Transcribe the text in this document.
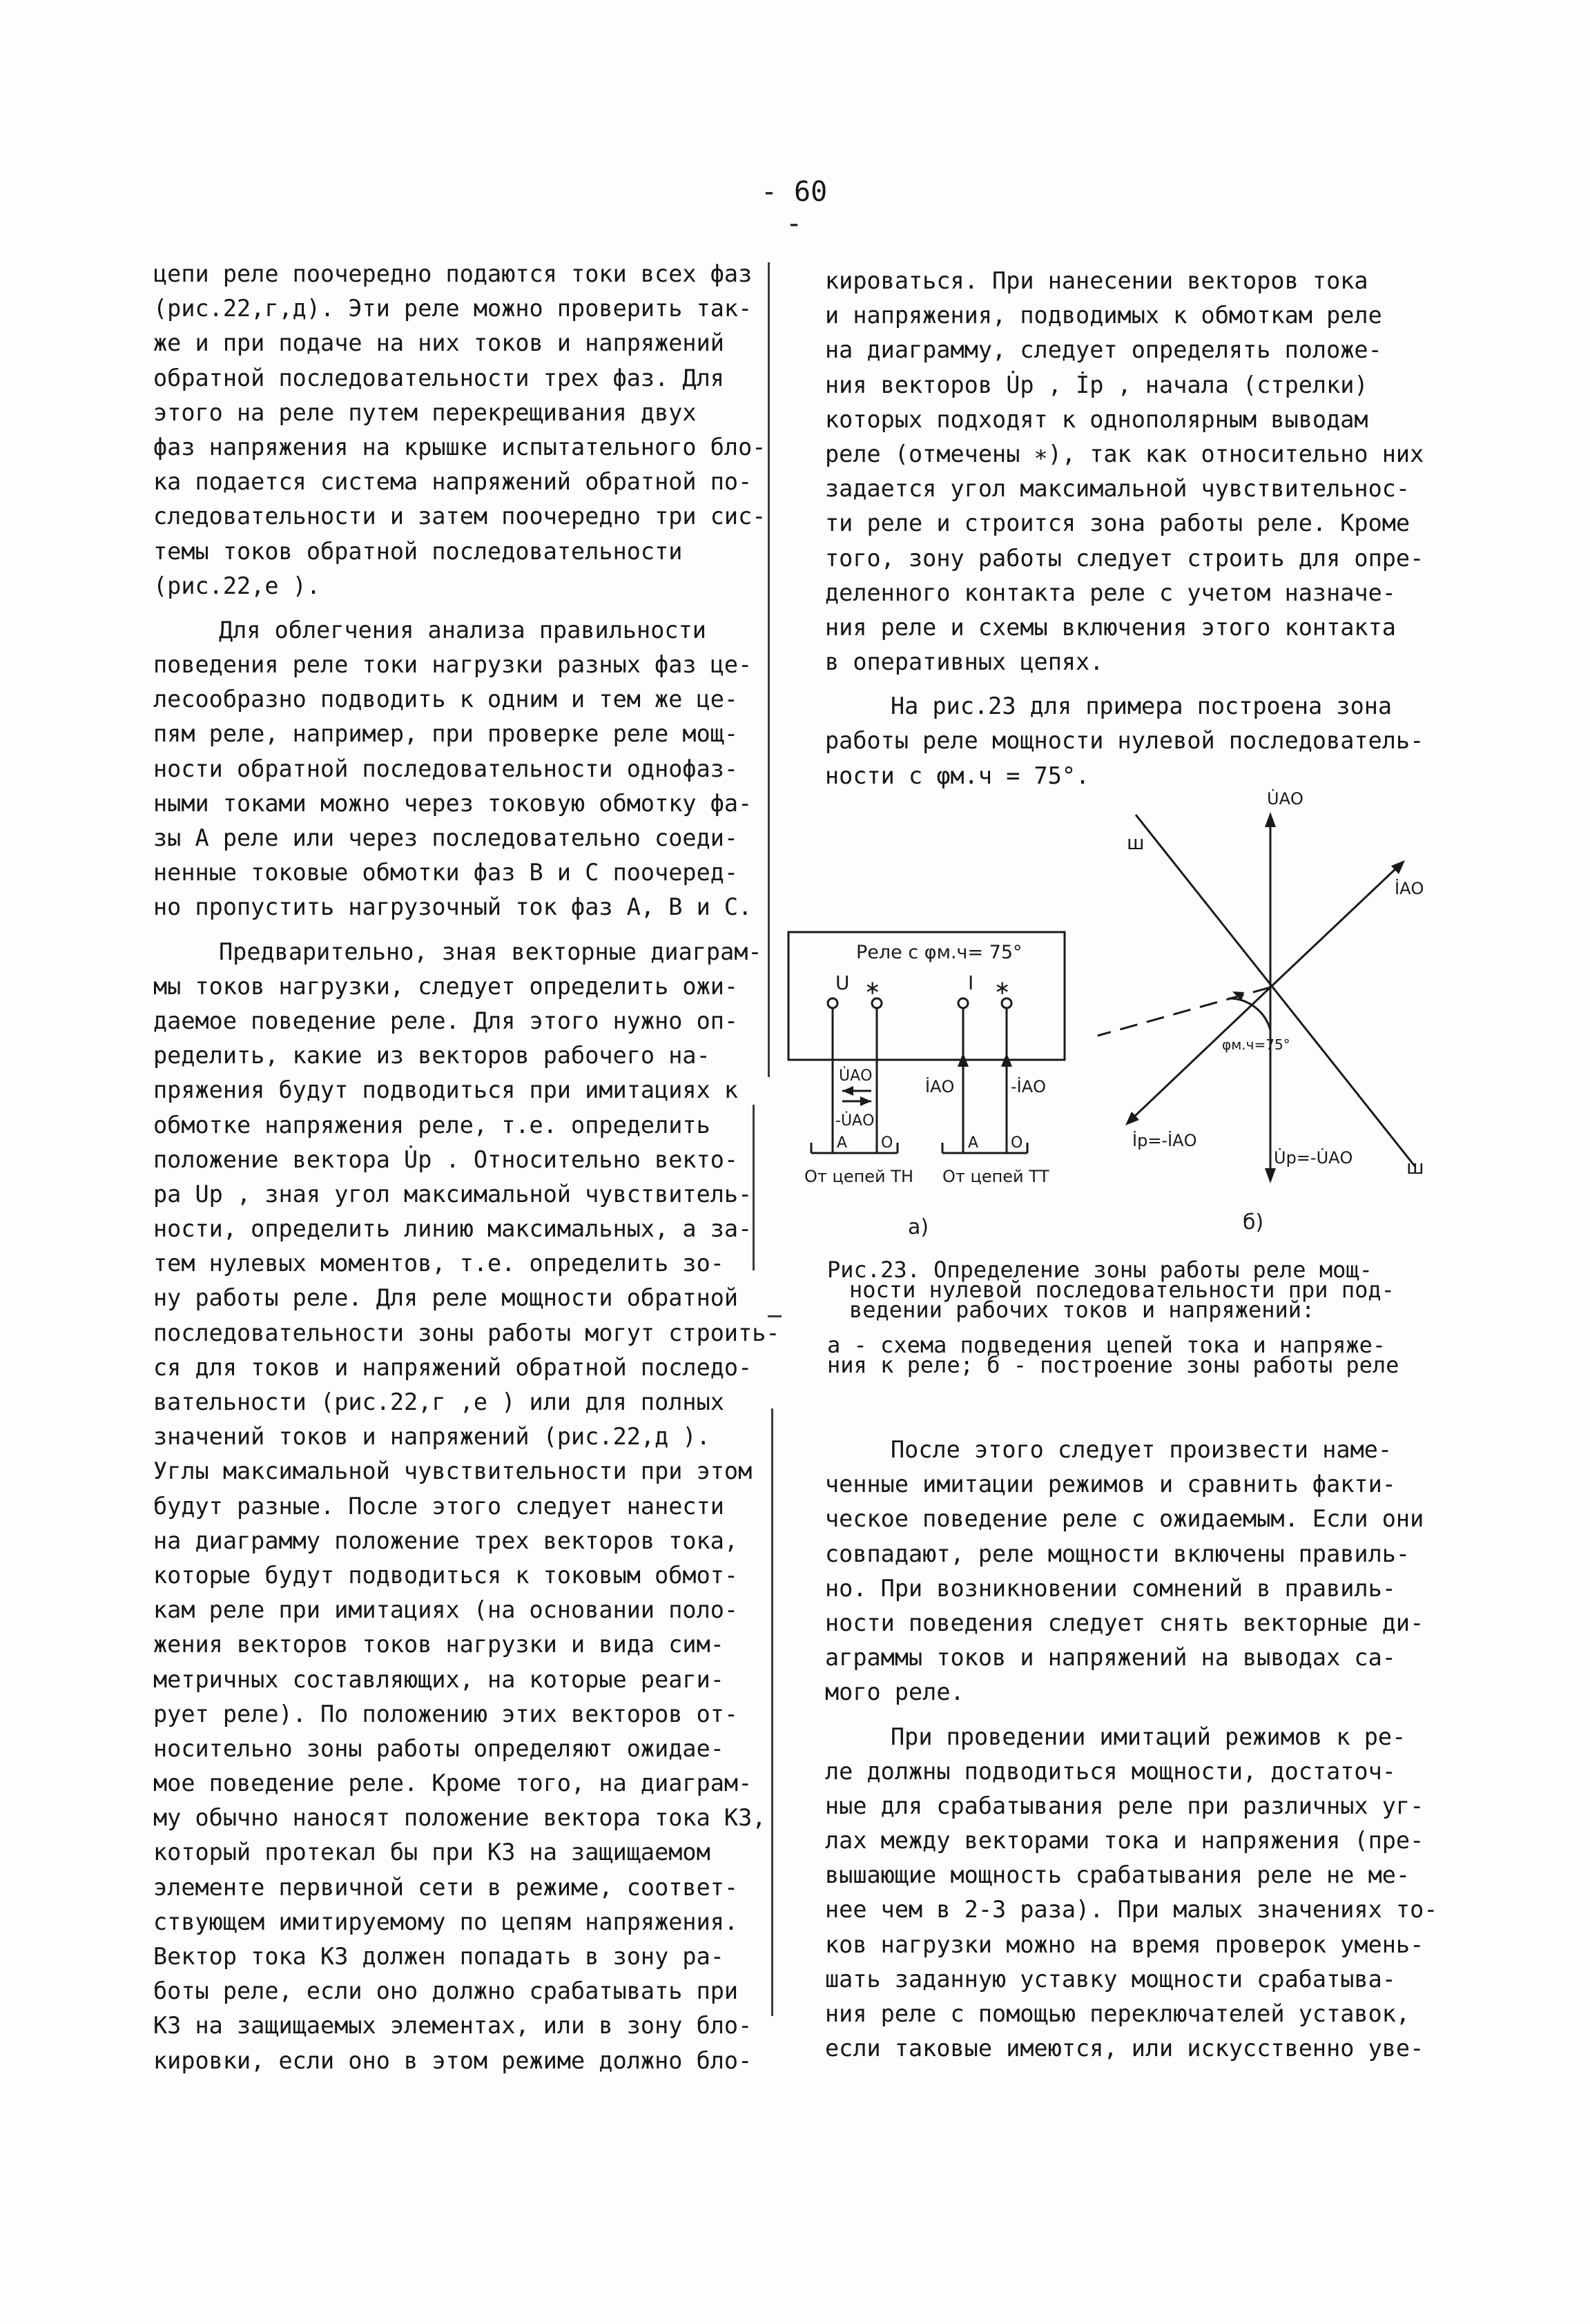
- 60 -
цепи реле поочередно подаются токи всех фаз
(рис.22,г,д). Эти реле можно проверить так-
же и при подаче на них токов и напряжений
обратной последовательности трех фаз. Для
этого на реле путем перекрещивания двух
фаз напряжения на крышке испытательного бло-
ка подается система напряжений обратной по-
следовательности и затем поочередно три сис-
темы токов обратной последовательности
(рис.22,е ).
Для облегчения анализа правильности
поведения реле токи нагрузки разных фаз це-
лесообразно подводить к одним и тем же це-
пям реле, например, при проверке реле мощ-
ности обратной последовательности однофаз-
ными токами можно через токовую обмотку фа-
зы А реле или через последовательно соеди-
ненные токовые обмотки фаз В и С поочеред-
но пропустить нагрузочный ток фаз А, В и С.
Предварительно, зная векторные диаграм-
мы токов нагрузки, следует определить ожи-
даемое поведение реле. Для этого нужно оп-
ределить, какие из векторов рабочего на-
пряжения будут подводиться при имитациях к
обмотке напряжения реле, т.е. определить
положение вектора U̇р . Относительно векто-
ра Uр , зная угол максимальной чувствитель-
ности, определить линию максимальных, а за-
тем нулевых моментов, т.е. определить зо-
ну работы реле. Для реле мощности обратной
последовательности зоны работы могут строить-
ся для токов и напряжений обратной последо-
вательности (рис.22,г ,е ) или для полных
значений токов и напряжений (рис.22,д ).
Углы максимальной чувствительности при этом
будут разные. После этого следует нанести
на диаграмму положение трех векторов тока,
которые будут подводиться к токовым обмот-
кам реле при имитациях (на основании поло-
жения векторов токов нагрузки и вида сим-
метричных составляющих, на которые реаги-
рует реле). По положению этих векторов от-
носительно зоны работы определяют ожидае-
мое поведение реле. Кроме того, на диаграм-
му обычно наносят положение вектора тока КЗ,
который протекал бы при КЗ на защищаемом
элементе первичной сети в режиме, соответ-
ствующем имитируемому по цепям напряжения.
Вектор тока КЗ должен попадать в зону ра-
боты реле, если оно должно срабатывать при
КЗ на защищаемых элементах, или в зону бло-
кировки, если оно в этом режиме должно бло-
кироваться. При нанесении векторов тока
и напряжения, подводимых к обмоткам реле
на диаграмму, следует определять положе-
ния векторов U̇р , İр , начала (стрелки)
которых подходят к однополярным выводам
реле (отмечены ∗), так как относительно них
задается угол максимальной чувствительнос-
ти реле и строится зона работы реле. Кроме
того, зону работы следует строить для опре-
деленного контакта реле с учетом назначе-
ния реле и схемы включения этого контакта
в оперативных цепях.
На рис.23 для примера построена зона
работы реле мощности нулевой последователь-
ности с φм.ч = 75°.
После этого следует произвести наме-
ченные имитации режимов и сравнить факти-
ческое поведение реле с ожидаемым. Если они
совпадают, реле мощности включены правиль-
но. При возникновении сомнений в правиль-
ности поведения следует снять векторные ди-
аграммы токов и напряжений на выводах са-
мого реле.
При проведении имитаций режимов к ре-
ле должны подводиться мощности, достаточ-
ные для срабатывания реле при различных уг-
лах между векторами тока и напряжения (пре-
вышающие мощность срабатывания реле не ме-
нее чем в 2-3 раза). При малых значениях то-
ков нагрузки можно на время проверок умень-
шать заданную уставку мощности срабатыва-
ния реле с помощью переключателей уставок,
если таковые имеются, или искусственно уве-
Реле с φм.ч= 75°
U ∗	I ∗
U̇АО
-U̇АО
İАО	-İАО
А О	А О
От цепей ТН От цепей ТТ
а)
U̇АО
İАО
İр=-İАО
U̇р=-U̇АО
φм.ч=75°
ш
ш
б)
Рис.23. Определение зоны работы реле мощ-
ности нулевой последовательности при под-
ведении рабочих токов и напряжений:
а - схема подведения цепей тока и напряже-
ния к реле; б - построение зоны работы реле
